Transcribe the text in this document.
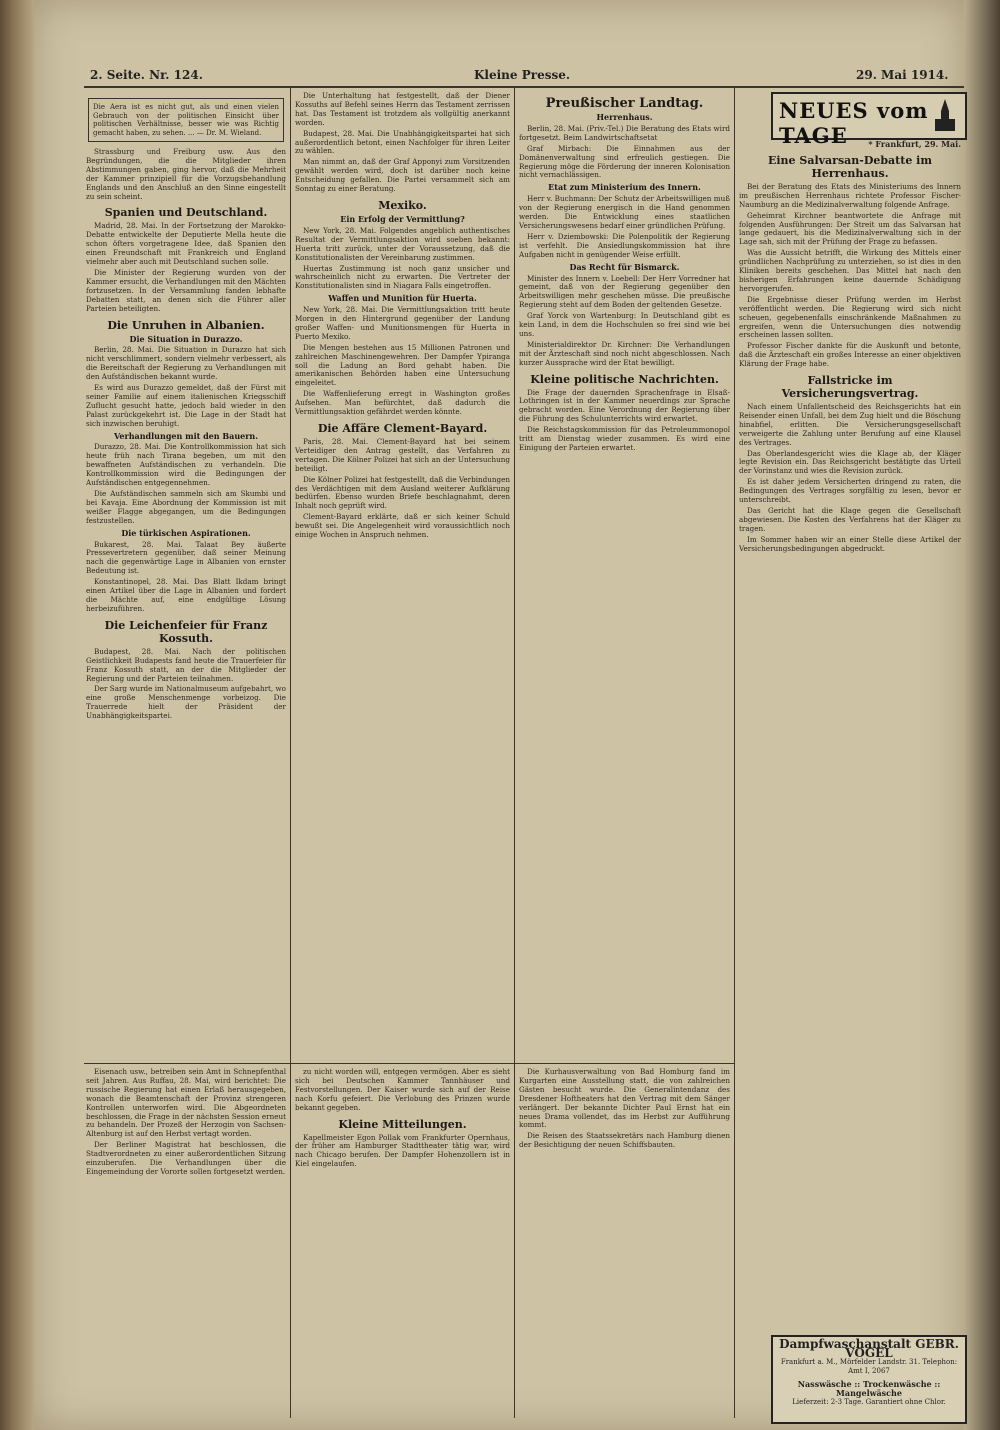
2. Seite. Nr. 124.	Kleine Presse.	29. Mai 1914.
Die Aera ist es nicht gut, als und einen vielen Gebrauch von der politischen Einsicht über politischen Verhältnisse, besser wie was Richtig gemacht haben, zu sehen. ... — Dr. M. Wieland.

Strassburg und Freiburg usw. Aus den Begründungen, die die Mitglieder ihren Abstimmungen gaben, ging hervor, daß die Mehrheit der Kammer prinzipiell für die Vorzugsbehandlung Englands und den Anschluß an den Sinne eingestellt zu sein scheint.

Spanien und Deutschland.

Madrid, 28. Mai. In der Fortsetzung der Marokko-Debatte entwickelte der Deputierte Mella heute die schon öfters vorgetragene Idee, daß Spanien den einen Freundschaft mit Frankreich und England vielmehr aber auch mit Deutschland suchen solle.

Die Minister der Regierung wurden von der Kammer ersucht, die Verhandlungen mit den Mächten fortzusetzen. In der Versammlung fanden lebhafte Debatten statt, an denen sich die Führer aller Parteien beteiligten.

Die Unruhen in Albanien.
Die Situation in Durazzo.

Berlin, 28. Mai. Die Situation in Durazzo hat sich nicht verschlimmert, sondern vielmehr verbessert, als die Bereitschaft der Regierung zu Verhandlungen mit den Aufständischen bekannt wurde.

Es wird aus Durazzo gemeldet, daß der Fürst mit seiner Familie auf einem italienischen Kriegsschiff Zuflucht gesucht hatte, jedoch bald wieder in den Palast zurückgekehrt ist. Die Lage in der Stadt hat sich inzwischen beruhigt.

Verhandlungen mit den Bauern.

Durazzo, 28. Mai. Die Kontrollkommission hat sich heute früh nach Tirana begeben, um mit den bewaffneten Aufständischen zu verhandeln. Die Kontrollkommission wird die Bedingungen der Aufständischen entgegennehmen.

Die Aufständischen sammeln sich am Skumbi und bei Kavaja. Eine Abordnung der Kommission ist mit weißer Flagge abgegangen, um die Bedingungen festzustellen.

Die türkischen Aspirationen.

Bukarest, 28. Mai. Talaat Bey äußerte Pressevertretern gegenüber, daß seiner Meinung nach die gegenwärtige Lage in Albanien von ernster Bedeutung ist.

Konstantinopel, 28. Mai. Das Blatt Ikdam bringt einen Artikel über die Lage in Albanien und fordert die Mächte auf, eine endgültige Lösung herbeizuführen.

Die Leichenfeier für Franz Kossuth.

Budapest, 28. Mai. Nach der politischen Geistlichkeit Budapests fand heute die Trauerfeier für Franz Kossuth statt, an der die Mitglieder der Regierung und der Parteien teilnahmen.

Der Sarg wurde im Nationalmuseum aufgebahrt, wo eine große Menschenmenge vorbeizog. Die Trauerrede hielt der Präsident der Unabhängigkeitspartei.

Die Unterhaltung hat festgestellt, daß der Diener Kossuths auf Befehl seines Herrn das Testament zerrissen hat. Das Testament ist trotzdem als vollgültig anerkannt worden.

Budapest, 28. Mai. Die Unabhängigkeitspartei hat sich außerordentlich betont, einen Nachfolger für ihren Leiter zu wählen.

Man nimmt an, daß der Graf Apponyi zum Vorsitzenden gewählt werden wird, doch ist darüber noch keine Entscheidung gefallen. Die Partei versammelt sich am Sonntag zu einer Beratung.

Mexiko.
Ein Erfolg der Vermittlung?

New York, 28. Mai. Folgendes angeblich authentisches Resultat der Vermittlungsaktion wird soeben bekannt: Huerta tritt zurück, unter der Voraussetzung, daß die Konstitutionalisten der Vereinbarung zustimmen.

Huertas Zustimmung ist noch ganz unsicher und wahrscheinlich nicht zu erwarten. Die Vertreter der Konstitutionalisten sind in Niagara Falls eingetroffen.

Waffen und Munition für Huerta.

New York, 28. Mai. Die Vermittlungsaktion tritt heute Morgen in den Hintergrund gegenüber der Landung großer Waffen- und Munitionsmengen für Huerta in Puerto Mexiko.

Die Mengen bestehen aus 15 Millionen Patronen und zahlreichen Maschinengewehren. Der Dampfer Ypiranga soll die Ladung an Bord gehabt haben. Die amerikanischen Behörden haben eine Untersuchung eingeleitet.

Die Waffenlieferung erregt in Washington großes Aufsehen. Man befürchtet, daß dadurch die Vermittlungsaktion gefährdet werden könnte.

Die Affäre Clement-Bayard.

Paris, 28. Mai. Clement-Bayard hat bei seinem Verteidiger den Antrag gestellt, das Verfahren zu vertagen. Die Kölner Polizei hat sich an der Untersuchung beteiligt.

Die Kölner Polizei hat festgestellt, daß die Verbindungen des Verdächtigen mit dem Ausland weiterer Aufklärung bedürfen. Ebenso wurden Briefe beschlagnahmt, deren Inhalt noch geprüft wird.

Clement-Bayard erklärte, daß er sich keiner Schuld bewußt sei. Die Angelegenheit wird voraussichtlich noch einige Wochen in Anspruch nehmen.

Preußischer Landtag.
Herrenhaus.

Berlin, 28. Mai. (Priv.-Tel.) Die Beratung des Etats wird fortgesetzt. Beim Landwirtschaftsetat

Graf Mirbach: Die Einnahmen aus der Domänenverwaltung sind erfreulich gestiegen. Die Regierung möge die Förderung der inneren Kolonisation nicht vernachlässigen.

Etat zum Ministerium des Innern.

Herr v. Buchmann: Der Schutz der Arbeitswilligen muß von der Regierung energisch in die Hand genommen werden. Die Entwicklung eines staatlichen Versicherungswesens bedarf einer gründlichen Prüfung.

Herr v. Dziembowski: Die Polenpolitik der Regierung ist verfehlt. Die Ansiedlungskommission hat ihre Aufgaben nicht in genügender Weise erfüllt.

Das Recht für Bismarck.

Minister des Innern v. Loebell: Der Herr Vorredner hat gemeint, daß von der Regierung gegenüber den Arbeitswilligen mehr geschehen müsse. Die preußische Regierung steht auf dem Boden der geltenden Gesetze.

Graf Yorck von Wartenburg: In Deutschland gibt es kein Land, in dem die Hochschulen so frei sind wie bei uns.

Ministerialdirektor Dr. Kirchner: Die Verhandlungen mit der Ärzteschaft sind noch nicht abgeschlossen. Nach kurzer Aussprache wird der Etat bewilligt.

Kleine politische Nachrichten.

Die Frage der dauernden Sprachenfrage in Elsaß-Lothringen ist in der Kammer neuerdings zur Sprache gebracht worden. Eine Verordnung der Regierung über die Führung des Schulunterrichts wird erwartet.

Die Reichstagskommission für das Petroleummonopol tritt am Dienstag wieder zusammen. Es wird eine Einigung der Parteien erwartet.

NEUES vom TAGE	* Frankfurt, 29. Mai.
Eine Salvarsan-Debatte im Herrenhaus.

Bei der Beratung des Etats des Ministeriums des Innern im preußischen Herrenhaus richtete Professor Fischer-Naumburg an die Medizinalverwaltung folgende Anfrage.

Geheimrat Kirchner beantwortete die Anfrage mit folgenden Ausführungen: Der Streit um das Salvarsan hat lange gedauert, bis die Medizinalverwaltung sich in der Lage sah, sich mit der Prüfung der Frage zu befassen.

Was die Aussicht betrifft, die Wirkung des Mittels einer gründlichen Nachprüfung zu unterziehen, so ist dies in den Kliniken bereits geschehen. Das Mittel hat nach den bisherigen Erfahrungen keine dauernde Schädigung hervorgerufen.

Die Ergebnisse dieser Prüfung werden im Herbst veröffentlicht werden. Die Regierung wird sich nicht scheuen, gegebenenfalls einschränkende Maßnahmen zu ergreifen, wenn die Untersuchungen dies notwendig erscheinen lassen sollten.

Professor Fischer dankte für die Auskunft und betonte, daß die Ärzteschaft ein großes Interesse an einer objektiven Klärung der Frage habe.

Fallstricke im Versicherungsvertrag.

Nach einem Unfallentscheid des Reichsgerichts hat ein Reisender einen Unfall, bei dem Zug hielt und die Böschung hinabfiel, erlitten. Die Versicherungsgesellschaft verweigerte die Zahlung unter Berufung auf eine Klausel des Vertrages.

Das Oberlandesgericht wies die Klage ab, der Kläger legte Revision ein. Das Reichsgericht bestätigte das Urteil der Vorinstanz und wies die Revision zurück.

Es ist daher jedem Versicherten dringend zu raten, die Bedingungen des Vertrages sorgfältig zu lesen, bevor er unterschreibt.

Das Gericht hat die Klage gegen die Gesellschaft abgewiesen. Die Kosten des Verfahrens hat der Kläger zu tragen.

Im Sommer haben wir an einer Stelle diese Artikel der Versicherungsbedingungen abgedruckt.

Dampfwaschanstalt GEBR. VOGEL
Frankfurt a. M., Mörfelder Landstr. 31. Telephon: Amt I, 2067
Nasswäsche :: Trockenwäsche :: Mangelwäsche
Lieferzeit: 2-3 Tage. Garantiert ohne Chlor.

Eisenach usw., betreiben sein Amt in Schnepfenthal seit Jahren. Aus Ruffau, 28. Mai, wird berichtet: Die russische Regierung hat einen Erlaß herausgegeben, wonach die Beamtenschaft der Provinz strengeren Kontrollen unterworfen wird. Die Abgeordneten beschlossen, die Frage in der nächsten Session erneut zu behandeln. Der Prozeß der Herzogin von Sachsen-Altenburg ist auf den Herbst vertagt worden.

Der Berliner Magistrat hat beschlossen, die Stadtverordneten zu einer außerordentlichen Sitzung einzuberufen. Die Verhandlungen über die Eingemeindung der Vororte sollen fortgesetzt werden.

zu nicht worden will, entgegen vermögen. Aber es sieht sich bei Deutschen Kammer Tannhäuser und Festvorstellungen. Der Kaiser wurde sich auf der Reise nach Korfu gefeiert. Die Verlobung des Prinzen wurde bekannt gegeben.

Kleine Mitteilungen.

Kapellmeister Egon Pollak vom Frankfurter Opernhaus, der früher am Hamburger Stadttheater tätig war, wird nach Chicago berufen. Der Dampfer Hohenzollern ist in Kiel eingelaufen.

Die Kurhausverwaltung von Bad Homburg fand im Kurgarten eine Ausstellung statt, die von zahlreichen Gästen besucht wurde. Die Generalintendanz des Dresdener Hoftheaters hat den Vertrag mit dem Sänger verlängert. Der bekannte Dichter Paul Ernst hat ein neues Drama vollendet, das im Herbst zur Aufführung kommt.

Die Reisen des Staatssekretärs nach Hamburg dienen der Besichtigung der neuen Schiffsbauten.
